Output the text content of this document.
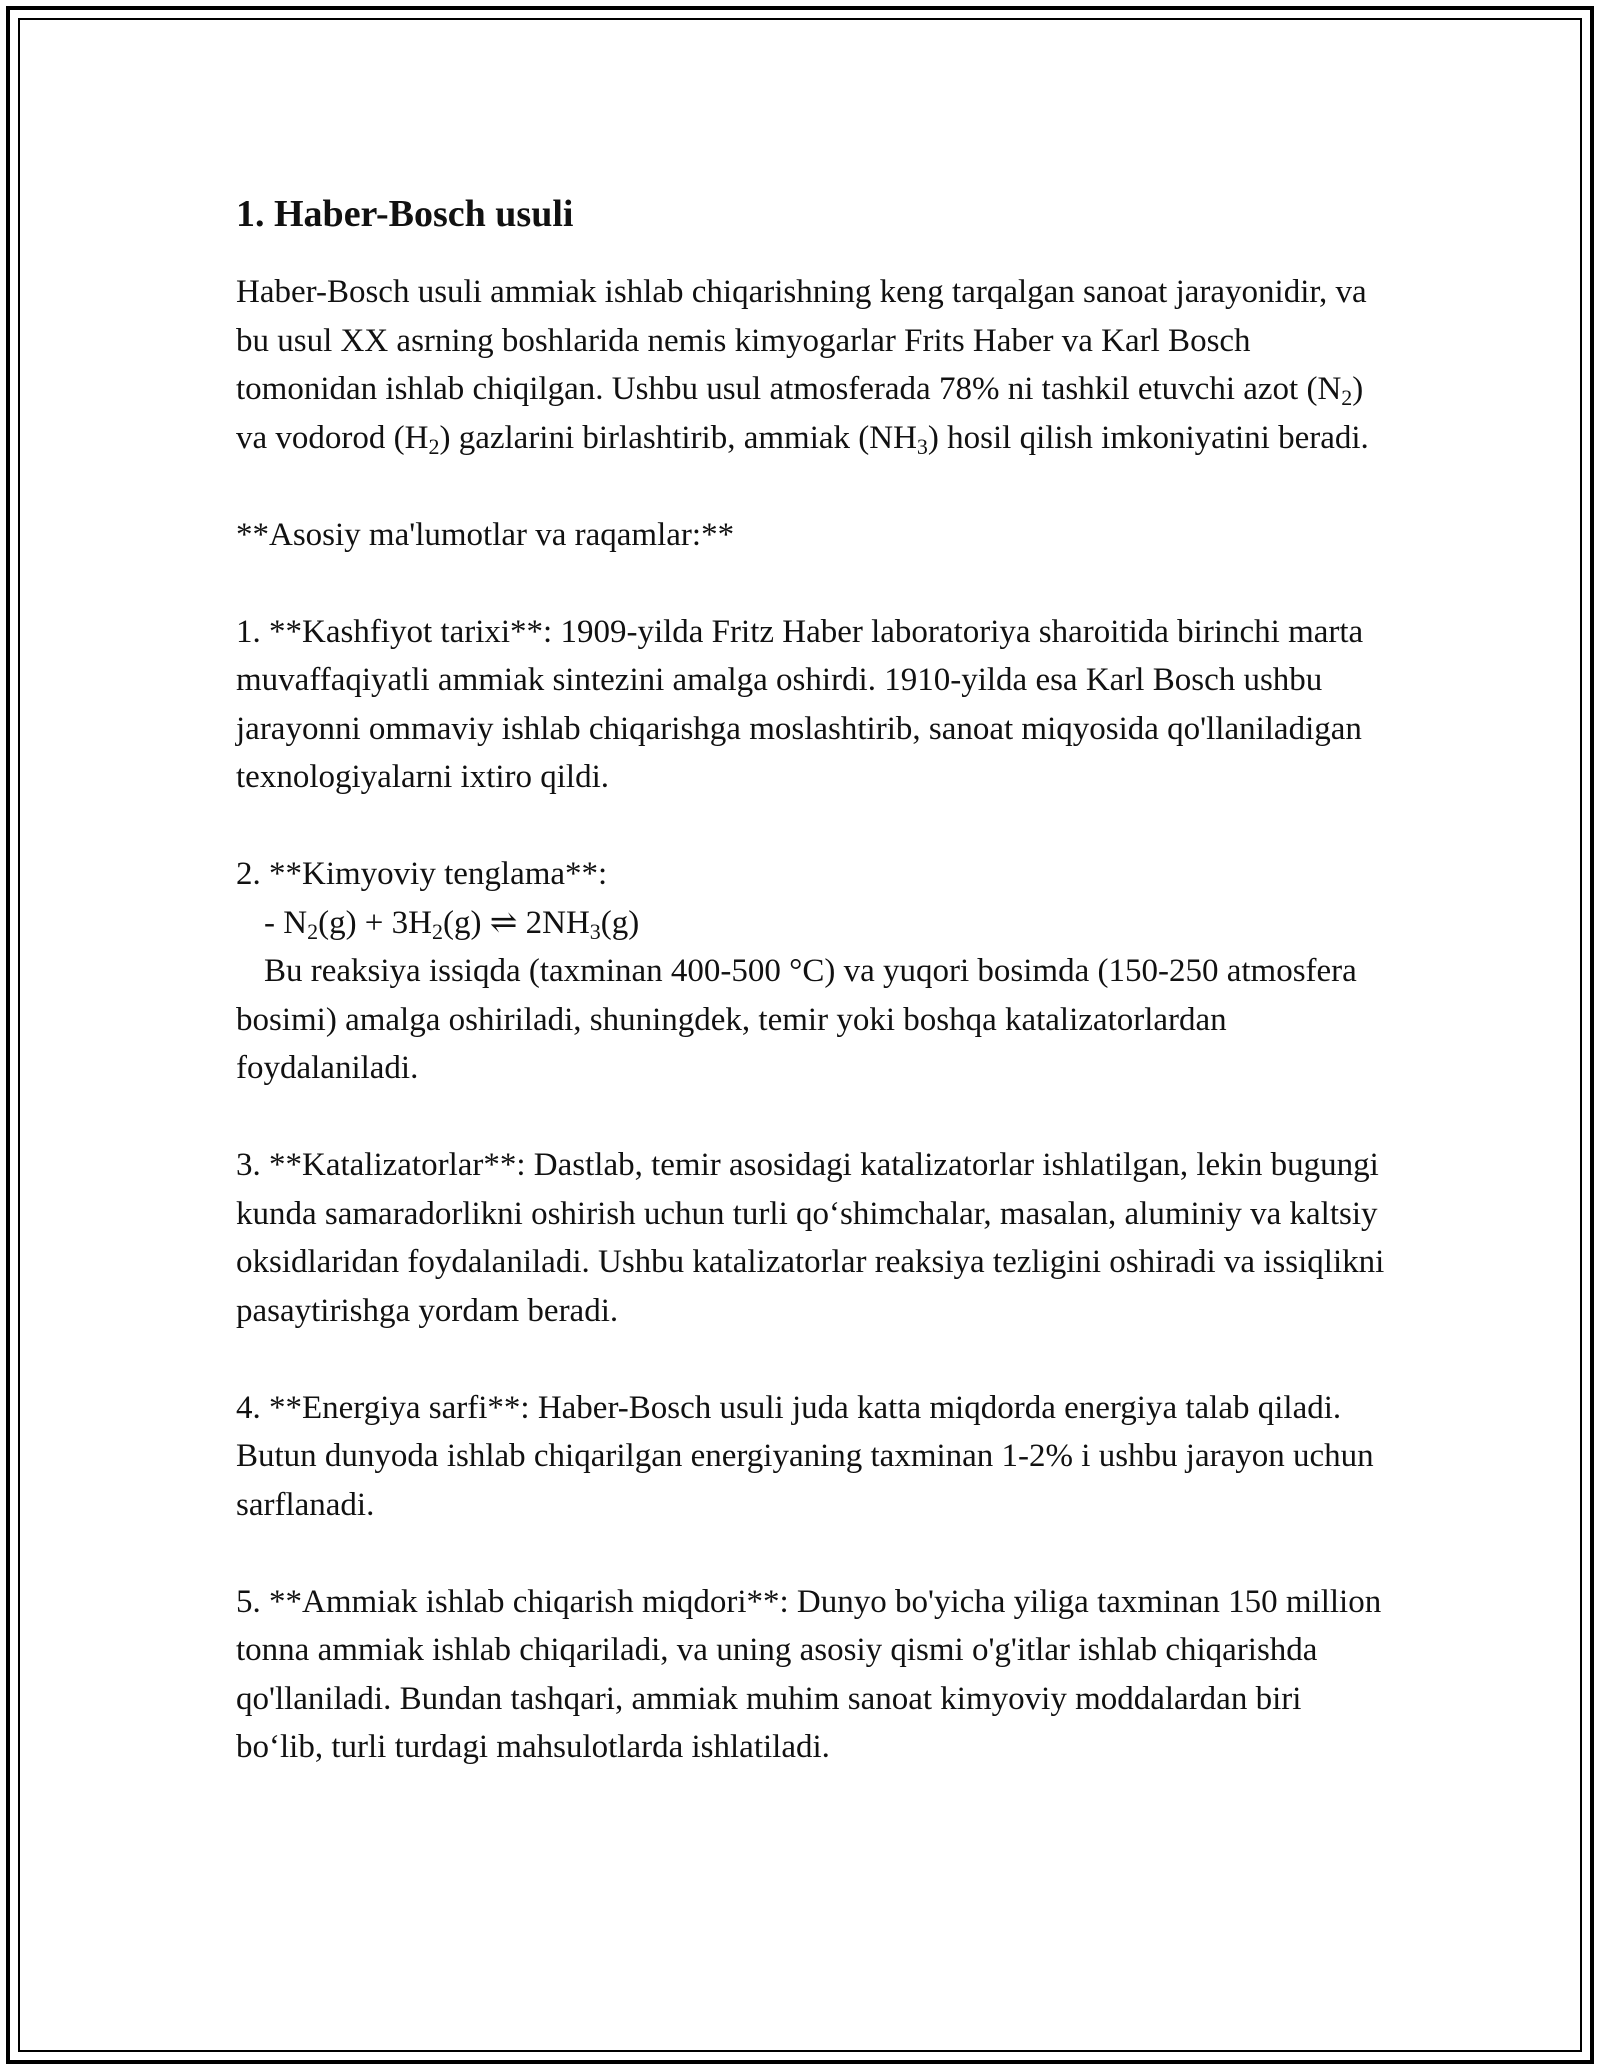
1. Haber-Bosch usuli

Haber-Bosch usuli ammiak ishlab chiqarishning keng tarqalgan sanoat jarayonidir, va bu usul XX asrning boshlarida nemis kimyogarlar Frits Haber va Karl Bosch tomonidan ishlab chiqilgan. Ushbu usul atmosferada 78% ni tashkil etuvchi azot $(N_2)$ va vodorod $(H_2)$ gazlarini birlashtirib, ammiak $(NH_3)$ hosil qilish imkoniyatini beradi.

**Asosiy ma'lumotlar va raqamlar:**

1. **Kashfiyot tarixi**: 1909-yilda Fritz Haber laboratoriya sharoitida birinchi marta muvaffaqiyatli ammiak sintezini amalga oshirdi. 1910-yilda esa Karl Bosch ushbu jarayonni ommaviy ishlab chiqarishga moslashtirib, sanoat miqyosida qo'llaniladigan texnologiyalarni ixtiro qildi.

2. **Kimyoviy tenglama**:

- $N_2(g) + 3H_2(g)$ ⇌ $2NH_3(g)$

Bu reaksiya issiqda (taxminan 400-500 °C) va yuqori bosimda (150-250 atmosfera bosimi) amalga oshiriladi, shuningdek, temir yoki boshqa katalizatorlardan foydalaniladi.

3. **Katalizatorlar**: Dastlab, temir asosidagi katalizatorlar ishlatilgan, lekin bugungi kunda samaradorlikni oshirish uchun turli qo‘shimchalar, masalan, aluminiy va kaltsiy oksidlaridan foydalaniladi. Ushbu katalizatorlar reaksiya tezligini oshiradi va issiqlikni pasaytirishga yordam beradi.

4. **Energiya sarfi**: Haber-Bosch usuli juda katta miqdorda energiya talab qiladi. Butun dunyoda ishlab chiqarilgan energiyaning taxminan 1-2% i ushbu jarayon uchun sarflanadi.

5. **Ammiak ishlab chiqarish miqdori**: Dunyo bo'yicha yiliga taxminan 150 million tonna ammiak ishlab chiqariladi, va uning asosiy qismi o'g'itlar ishlab chiqarishda qo'llaniladi. Bundan tashqari, ammiak muhim sanoat kimyoviy moddalardan biri bo‘lib, turli turdagi mahsulotlarda ishlatiladi.
